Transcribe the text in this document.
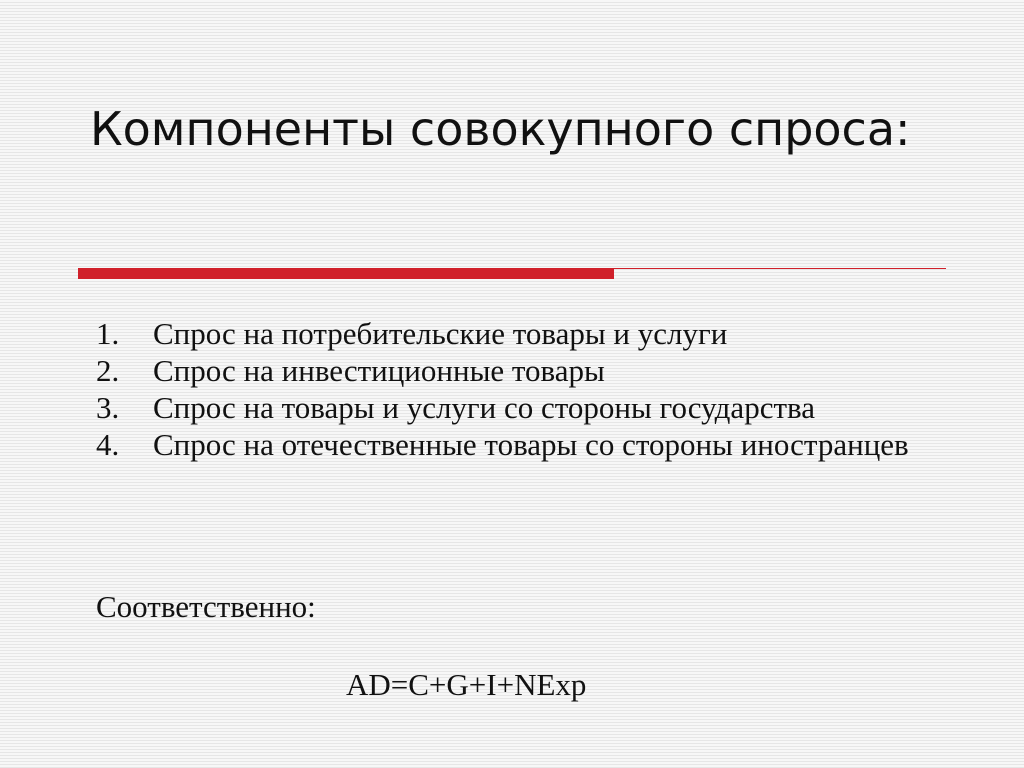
Компоненты совокупного спроса:
1.	Спрос на потребительские товары и услуги
2.	Спрос на инвестиционные товары
3.	Спрос на товары и услуги со стороны государства
4.	Спрос на отечественные товары со стороны иностранцев
Соответственно:
AD=C+G+I+NExp
